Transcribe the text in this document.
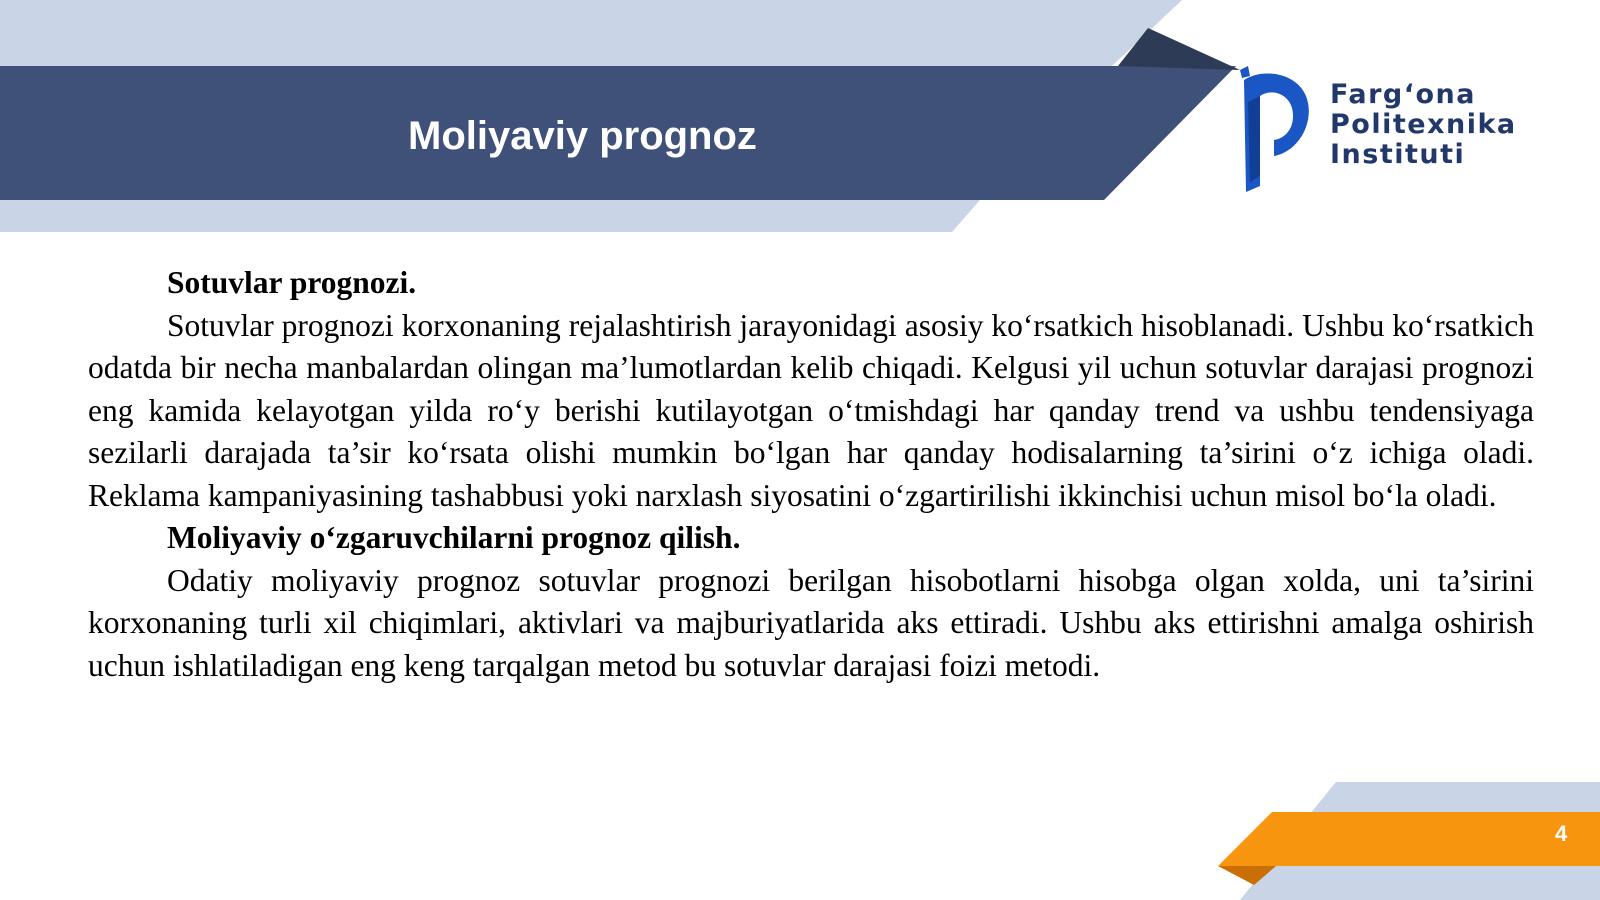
Farg‘ona
Politexnika
Instituti
Moliyaviy prognoz

Sotuvlar prognozi.

Sotuvlar prognozi korxonaning rejalashtirish jarayonidagi asosiy ko‘rsatkich hisoblanadi. Ushbu ko‘rsatkich odatda bir necha manbalardan olingan ma’lumotlardan kelib chiqadi. Kelgusi yil uchun sotuvlar darajasi prognozi eng kamida kelayotgan yilda ro‘y berishi kutilayotgan o‘tmishdagi har qanday trend va ushbu tendensiyaga sezilarli darajada ta’sir ko‘rsata olishi mumkin bo‘lgan har qanday hodisalarning ta’sirini o‘z ichiga oladi. Reklama kampaniyasining tashabbusi yoki narxlash siyosatini o‘zgartirilishi ikkinchisi uchun misol bo‘la oladi.

Moliyaviy o‘zgaruvchilarni prognoz qilish.

Odatiy moliyaviy prognoz sotuvlar prognozi berilgan hisobotlarni hisobga olgan xolda, uni ta’sirini korxonaning turli xil chiqimlari, aktivlari va majburiyatlarida aks ettiradi. Ushbu aks ettirishni amalga oshirish uchun ishlatiladigan eng keng tarqalgan metod bu sotuvlar darajasi foizi metodi.

4
